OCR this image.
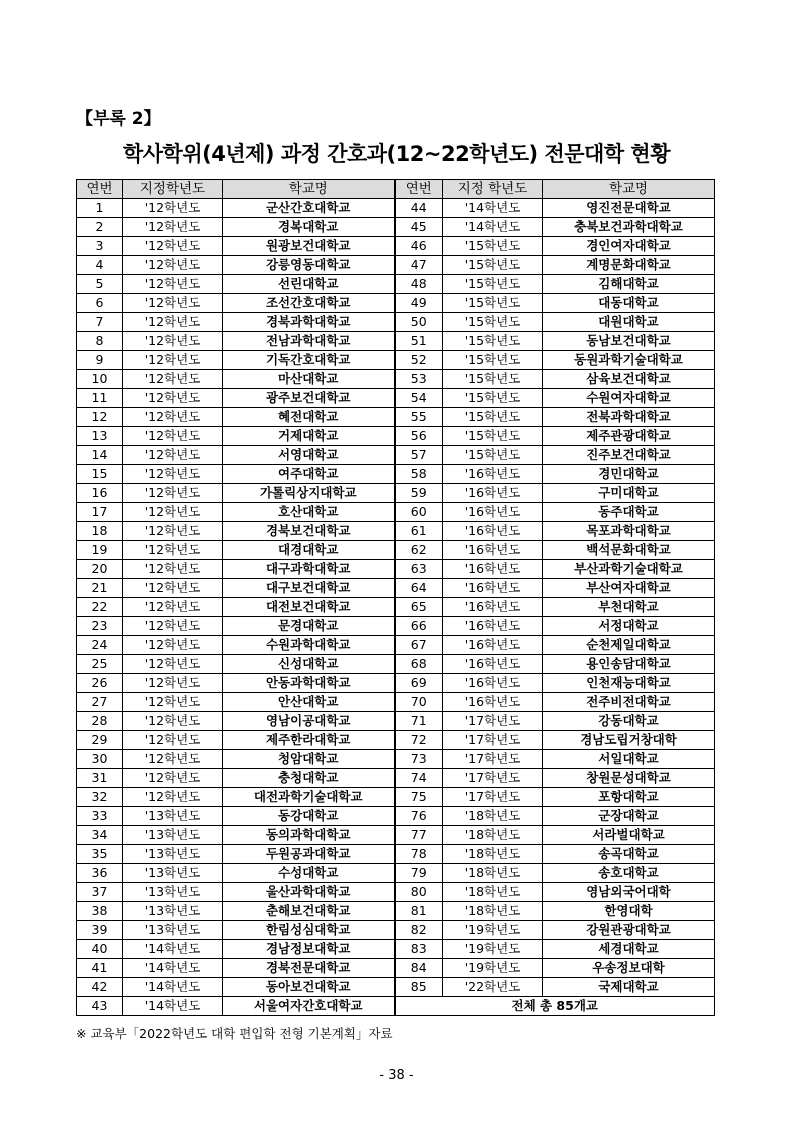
【부록 2】

학사학위(4년제) 과정 간호과(12~22학년도) 전문대학 현황
연번	지정학년도	학교명	연번	지정 학년도	학교명
1	'12학년도	군산간호대학교	44	'14학년도	영진전문대학교
2	'12학년도	경복대학교	45	'14학년도	충북보건과학대학교
3	'12학년도	원광보건대학교	46	'15학년도	경인여자대학교
4	'12학년도	강릉영동대학교	47	'15학년도	계명문화대학교
5	'12학년도	선린대학교	48	'15학년도	김해대학교
6	'12학년도	조선간호대학교	49	'15학년도	대동대학교
7	'12학년도	경북과학대학교	50	'15학년도	대원대학교
8	'12학년도	전남과학대학교	51	'15학년도	동남보건대학교
9	'12학년도	기독간호대학교	52	'15학년도	동원과학기술대학교
10	'12학년도	마산대학교	53	'15학년도	삼육보건대학교
11	'12학년도	광주보건대학교	54	'15학년도	수원여자대학교
12	'12학년도	혜전대학교	55	'15학년도	전북과학대학교
13	'12학년도	거제대학교	56	'15학년도	제주관광대학교
14	'12학년도	서영대학교	57	'15학년도	진주보건대학교
15	'12학년도	여주대학교	58	'16학년도	경민대학교
16	'12학년도	가톨릭상지대학교	59	'16학년도	구미대학교
17	'12학년도	호산대학교	60	'16학년도	동주대학교
18	'12학년도	경북보건대학교	61	'16학년도	목포과학대학교
19	'12학년도	대경대학교	62	'16학년도	백석문화대학교
20	'12학년도	대구과학대학교	63	'16학년도	부산과학기술대학교
21	'12학년도	대구보건대학교	64	'16학년도	부산여자대학교
22	'12학년도	대전보건대학교	65	'16학년도	부천대학교
23	'12학년도	문경대학교	66	'16학년도	서정대학교
24	'12학년도	수원과학대학교	67	'16학년도	순천제일대학교
25	'12학년도	신성대학교	68	'16학년도	용인송담대학교
26	'12학년도	안동과학대학교	69	'16학년도	인천재능대학교
27	'12학년도	안산대학교	70	'16학년도	전주비전대학교
28	'12학년도	영남이공대학교	71	'17학년도	강동대학교
29	'12학년도	제주한라대학교	72	'17학년도	경남도립거창대학
30	'12학년도	청암대학교	73	'17학년도	서일대학교
31	'12학년도	충청대학교	74	'17학년도	창원문성대학교
32	'12학년도	대전과학기술대학교	75	'17학년도	포항대학교
33	'13학년도	동강대학교	76	'18학년도	군장대학교
34	'13학년도	동의과학대학교	77	'18학년도	서라벌대학교
35	'13학년도	두원공과대학교	78	'18학년도	송곡대학교
36	'13학년도	수성대학교	79	'18학년도	송호대학교
37	'13학년도	울산과학대학교	80	'18학년도	영남외국어대학
38	'13학년도	춘해보건대학교	81	'18학년도	한영대학
39	'13학년도	한림성심대학교	82	'19학년도	강원관광대학교
40	'14학년도	경남정보대학교	83	'19학년도	세경대학교
41	'14학년도	경북전문대학교	84	'19학년도	우송정보대학
42	'14학년도	동아보건대학교	85	'22학년도	국제대학교
43	'14학년도	서울여자간호대학교	전체 총 85개교		

※ 교육부「2022학년도 대학 편입학 전형 기본계획」자료

- 38 -
